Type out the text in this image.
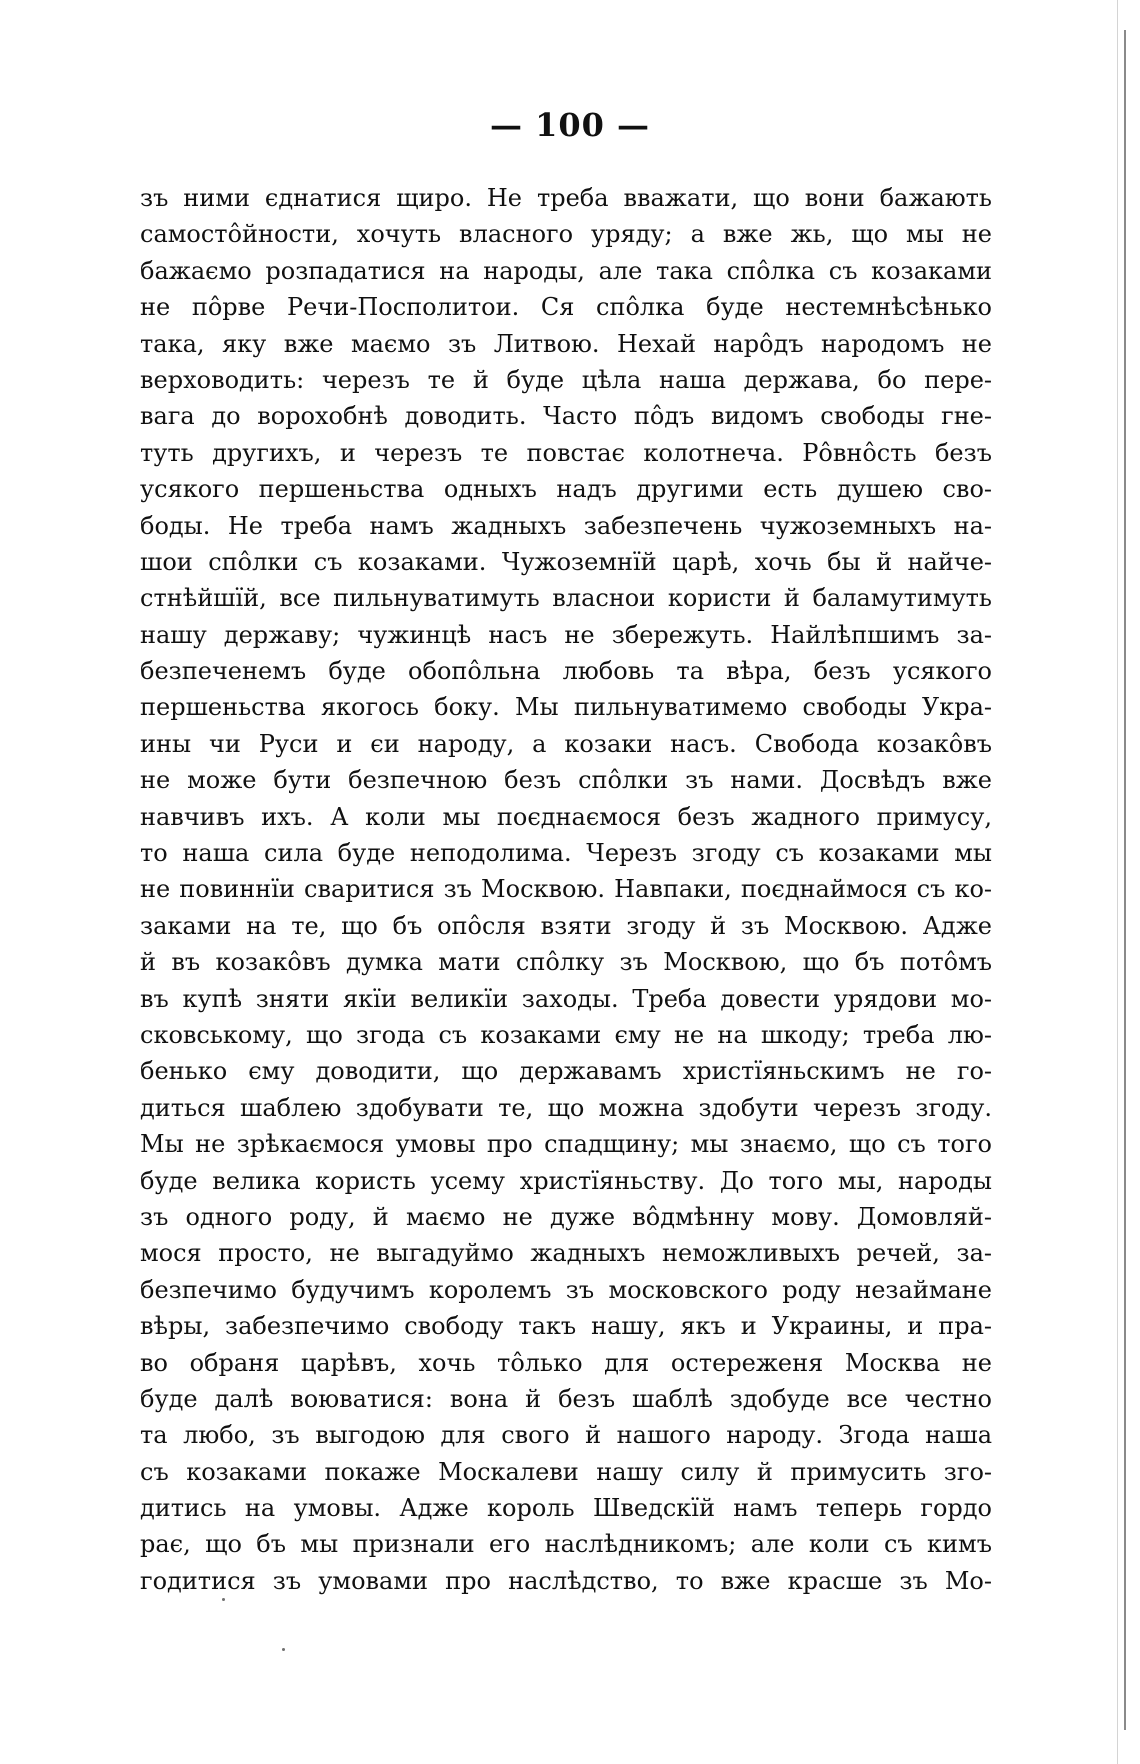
— 100 —
зъ ними єднатися щиро. Не треба вважати, що вони бажають
самостôйности, хочуть власного уряду; а вже жь, що мы не
бажаємо розпадатися на народы, але така спôлка съ козаками
не пôрве Речи-Посполитои. Ся спôлка буде нестемнѣсѣнько
така, яку вже маємо зъ Литвою. Нехай нарôдъ народомъ не
верховодить: черезъ те й буде цѣла наша держава, бо пере-
вага до ворохобнѣ доводить. Часто пôдъ видомъ свободы гне-
туть другихъ, и черезъ те повстає колотнеча. Рôвнôсть безъ
усякого першеньства одныхъ надъ другими есть душею сво-
боды. Не треба намъ жадныхъ забезпечень чужоземныхъ на-
шои спôлки съ козаками. Чужоземнïй царѣ, хочь бы й найче-
стнѣйшïй, все пильнуватимуть власнои користи й баламутимуть
нашу державу; чужинцѣ насъ не збережуть. Найлѣпшимъ за-
безпеченемъ буде обопôльна любовь та вѣра, безъ усякого
першеньства якогось боку. Мы пильнуватимемо свободы Укра-
ины чи Руси и єи народу, а козаки насъ. Свобода козакôвъ
не може бути безпечною безъ спôлки зъ нами. Досвѣдъ вже
навчивъ ихъ. А коли мы поєднаємося безъ жадного примусу,
то наша сила буде неподолима. Черезъ згоду съ козаками мы
не повиннïи сваритися зъ Москвою. Навпаки, поєднаймося съ ко-
заками на те, що бъ опôсля взяти згоду й зъ Москвою. Адже
й въ козакôвъ думка мати спôлку зъ Москвою, що бъ потôмъ
въ купѣ зняти якïи великïи заходы. Треба довести урядови мо-
сковському, що згода съ козаками єму не на шкоду; треба лю-
бенько єму доводити, що державамъ христïяньскимъ не го-
диться шаблею здобувати те, що можна здобути черезъ згоду.
Мы не зрѣкаємося умовы про спадщину; мы знаємо, що съ того
буде велика користь усему христïяньству. До того мы, народы
зъ одного роду, й маємо не дуже вôдмѣнну мову. Домовляй-
мося просто, не выгадуймо жадныхъ неможливыхъ речей, за-
безпечимо будучимъ королемъ зъ московского роду незаймане
вѣры, забезпечимо свободу такъ нашу, якъ и Украины, и пра-
во обраня царѣвъ, хочь тôлько для остереженя Москва не
буде далѣ воюватися: вона й безъ шаблѣ здобуде все честно
та любо, зъ выгодою для свого й нашого народу. Згода наша
съ козаками покаже Москалеви нашу силу й примусить зго-
дитись на умовы. Адже король Шведскïй намъ теперь гордо
рає, що бъ мы признали его наслѣдникомъ; але коли съ кимъ
годитися зъ умовами про наслѣдство, то вже красше зъ Мо-
